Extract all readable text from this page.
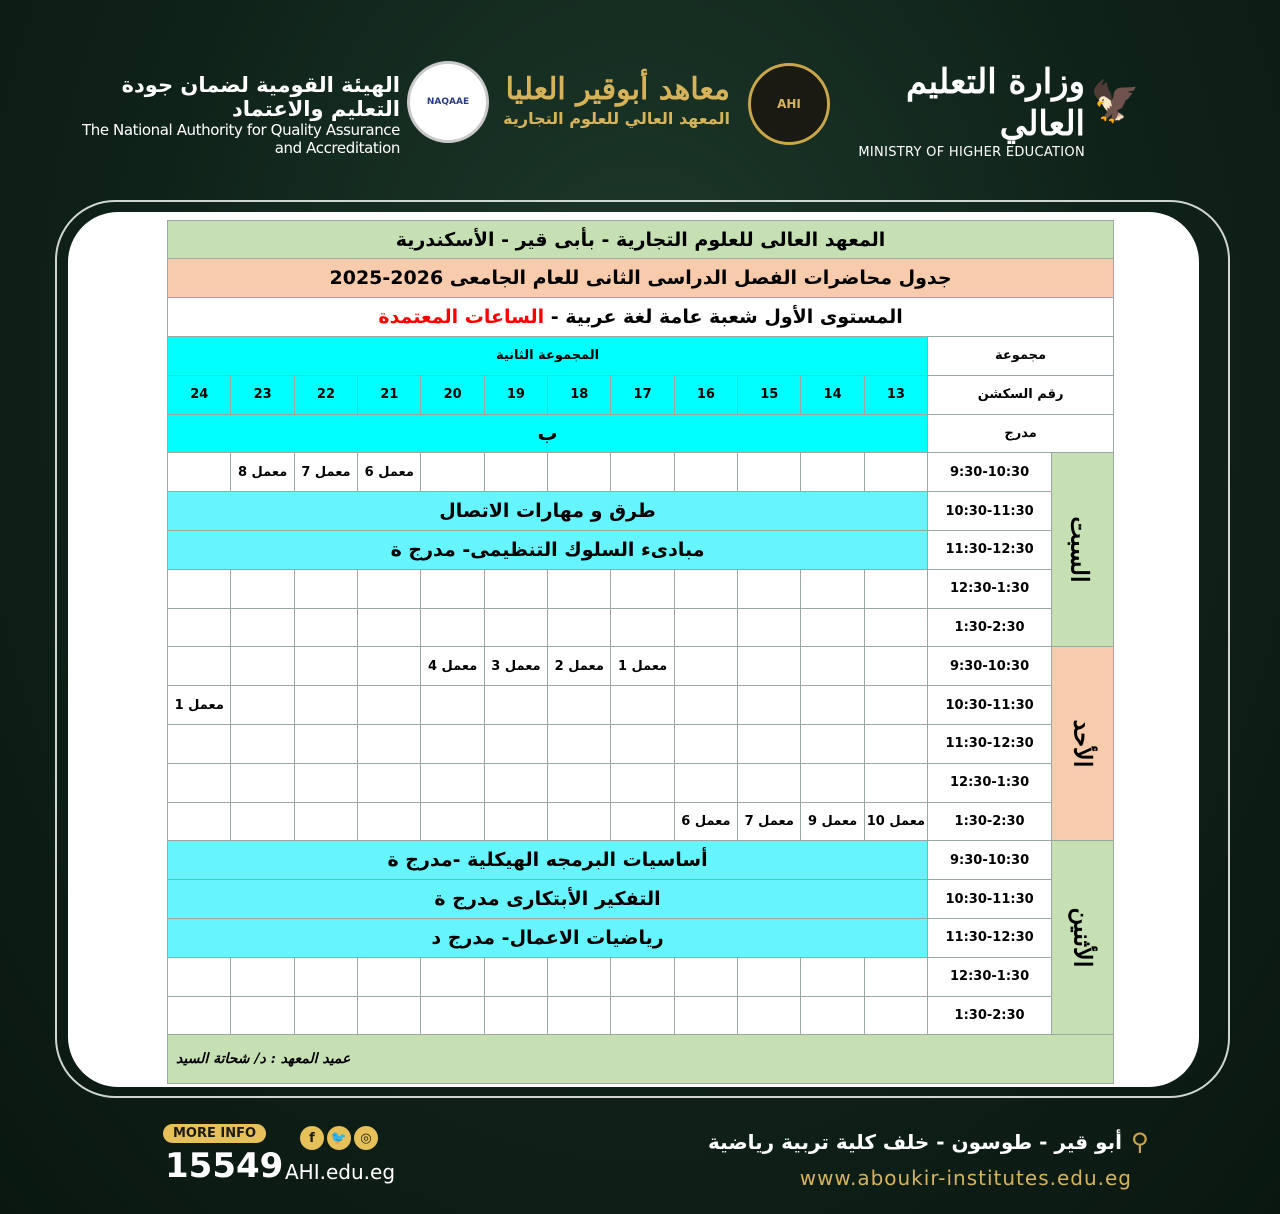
🦅
وزارة التعليم العالي
MINISTRY OF HIGHER EDUCATION
AHI
معاهد أبوقير العليا
المعهد العالي للعلوم التجارية
NAQAAE
الهيئة القومية لضمان جودة التعليم والاعتماد
The National Authority for Quality Assurance and Accreditation
المعهد العالى للعلوم التجارية - بأبى قير - الأسكندرية													
جدول محاضرات الفصل الدراسى الثانى للعام الجامعى 2026-2025													
المستوى الأول شعبة عامة لغة عربية - الساعات المعتمدة													
مجموعة		المجموعة الثانية											
رقم السكشن		13	14	15	16	17	18	19	20	21	22	23	24
مدرج		ب											
السبت	9:30-10:30									معمل 6	معمل 7	معمل 8	
	10:30-11:30	طرق و مهارات الاتصال											
	11:30-12:30	مبادىء السلوك التنظيمى- مدرج ة											
	12:30-1:30												
	1:30-2:30												
الأحد	9:30-10:30					معمل 1	معمل 2	معمل 3	معمل 4				
	10:30-11:30												معمل 1
	11:30-12:30												
	12:30-1:30												
	1:30-2:30	معمل 10	معمل 9	معمل 7	معمل 6								
الأثنين	9:30-10:30	أساسيات البرمجه الهيكلية -مدرج ة											
	10:30-11:30	التفكير الأبتكارى مدرج ة											
	11:30-12:30	رياضيات الاعمال- مدرج د											
	12:30-1:30												
	1:30-2:30												
عميد المعهد : د/ شحاتة السيد													
MORE INFO
15549
f	🐦	◎
AHI.edu.eg
⚲
أبو قير - طوسون - خلف كلية تربية رياضية
www.aboukir-institutes.edu.eg
